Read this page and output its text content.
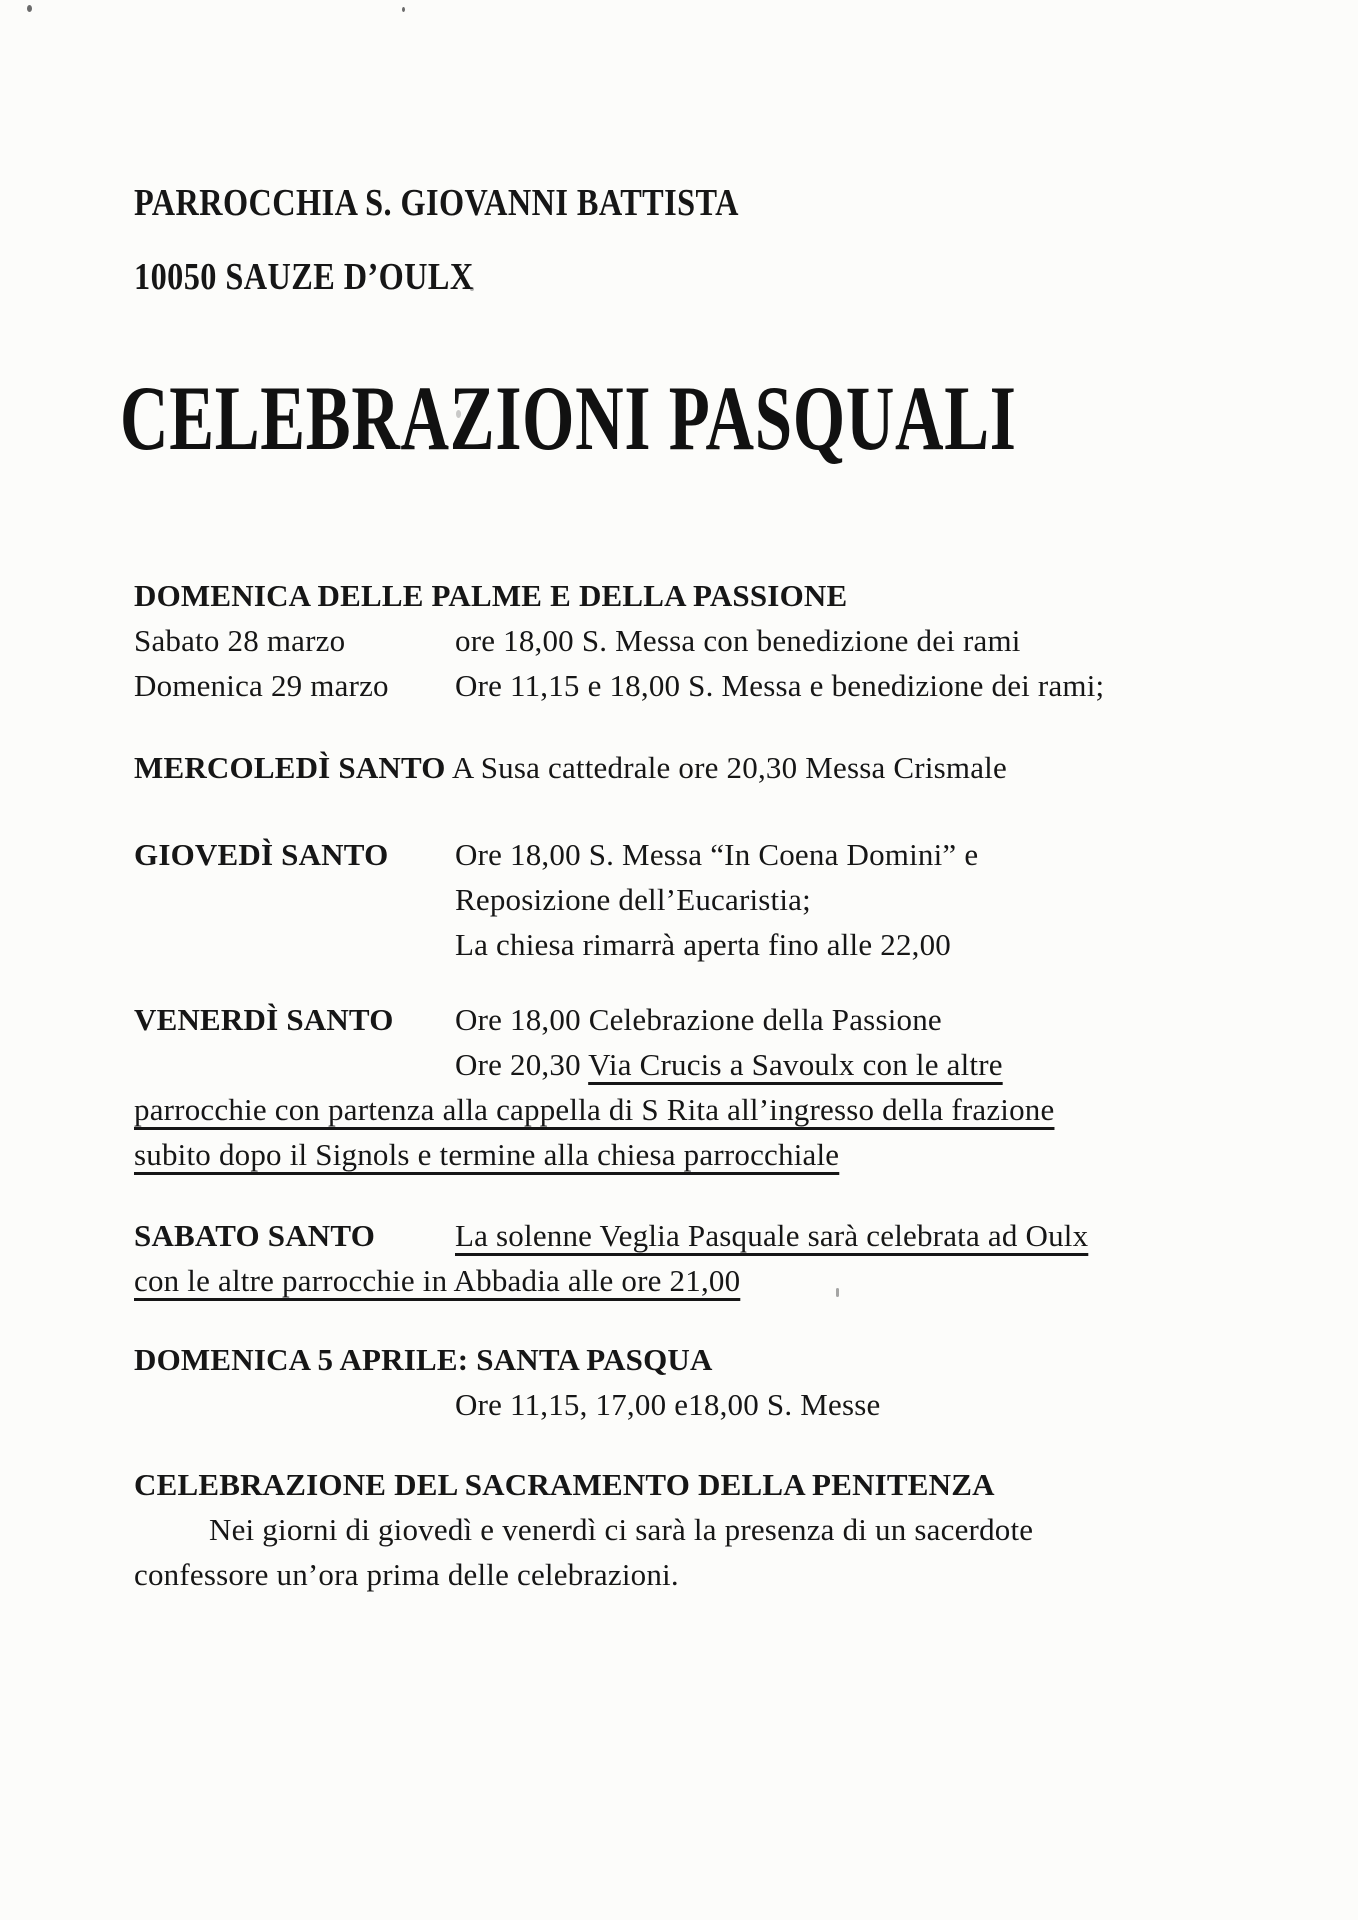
PARROCCHIA S. GIOVANNI BATTISTA
10050 SAUZE D’OULX
CELEBRAZIONI PASQUALI
DOMENICA DELLE PALME E DELLA PASSIONE
Sabato 28 marzo	ore 18,00 S. Messa con benedizione dei rami
Domenica 29 marzo Ore 11,15 e 18,00 S. Messa e benedizione dei rami;
MERCOLEDÌ SANTO A Susa cattedrale ore 20,30 Messa Crismale
GIOVEDÌ SANTO Ore 18,00 S. Messa “In Coena Domini” e
Reposizione dell’Eucaristia;
La chiesa rimarrà aperta fino alle 22,00
VENERDÌ SANTO Ore 18,00 Celebrazione della Passione
Ore 20,30 Via Crucis a Savoulx con le altre
parrocchie con partenza alla cappella di S Rita all’ingresso della frazione
subito dopo il Signols e termine alla chiesa parrocchiale
SABATO SANTO	La solenne Veglia Pasquale sarà celebrata ad Oulx
con le altre parrocchie in Abbadia alle ore 21,00
DOMENICA 5 APRILE: SANTA PASQUA
Ore 11,15, 17,00 e18,00 S. Messe
CELEBRAZIONE DEL SACRAMENTO DELLA PENITENZA
Nei giorni di giovedì e venerdì ci sarà la presenza di un sacerdote
confessore un’ora prima delle celebrazioni.
